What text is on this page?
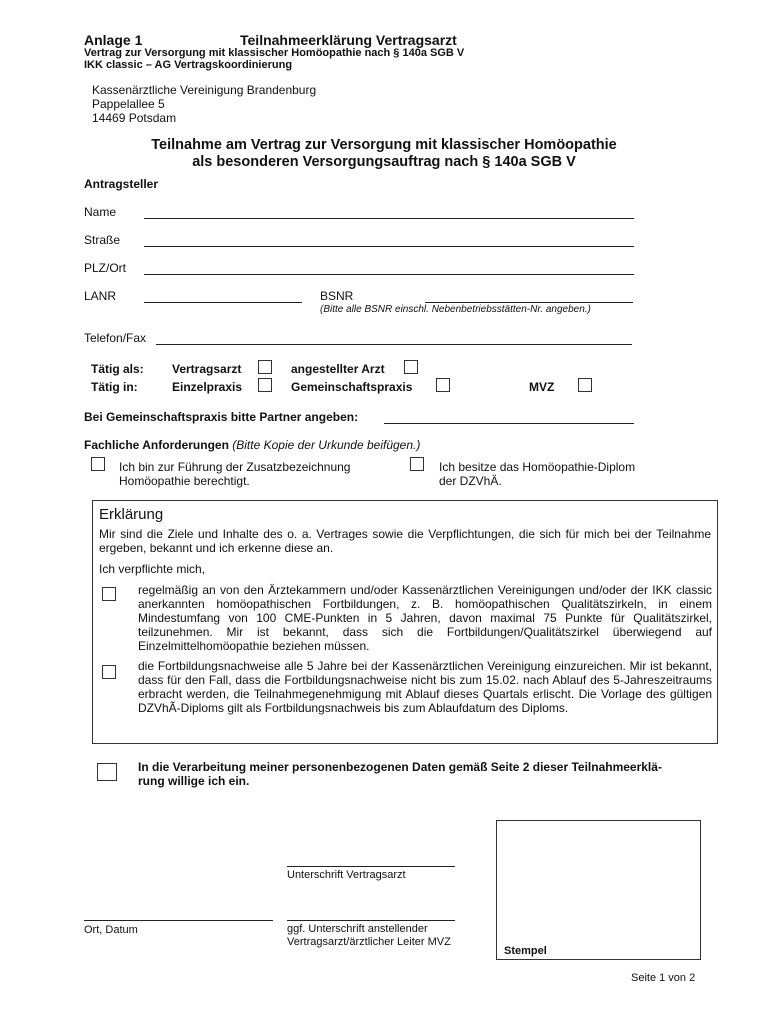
Anlage 1	Teilnahmeerklärung Vertragsarzt
Vertrag zur Versorgung mit klassischer Homöopathie nach § 140a SGB V
IKK classic – AG Vertragskoordinierung
Kassenärztliche Vereinigung Brandenburg
Pappelallee 5
14469 Potsdam
Teilnahme am Vertrag zur Versorgung mit klassischer Homöopathie
als besonderen Versorgungsauftrag nach § 140a SGB V
Antragsteller
Name
Straße
PLZ/Ort
LANR	BSNR
(Bitte alle BSNR einschl. Nebenbetriebsstätten-Nr. angeben.)
Telefon/Fax
Tätig als: Vertragsarzt	angestellter Arzt
Tätig in:	Einzelpraxis	Gemeinschaftspraxis	MVZ
Bei Gemeinschaftspraxis bitte Partner angeben:
Fachliche Anforderungen (Bitte Kopie der Urkunde beifügen.)
Ich bin zur Führung der Zusatzbezeichnung
Homöopathie berechtigt.
Ich besitze das Homöopathie-Diplom
der DZVhÄ.
Erklärung
Mir sind die Ziele und Inhalte des o. a. Vertrages sowie die Verpflichtungen, die sich für mich bei der Teilnahme ergeben, bekannt und ich erkenne diese an.
Ich verpflichte mich,
regelmäßig an von den Ärztekammern und/oder Kassenärztlichen Vereinigungen und/oder der IKK classic anerkannten homöopathischen Fortbildungen, z. B. homöopathischen Qualitätszirkeln, in einem Mindestumfang von 100 CME-Punkten in 5 Jahren, davon maximal 75 Punkte für Qualitätszirkel, teilzunehmen. Mir ist bekannt, dass sich die Fortbildungen/Qualitätszirkel überwiegend auf Einzelmittelhomöopathie beziehen müssen.
die Fortbildungsnachweise alle 5 Jahre bei der Kassenärztlichen Vereinigung einzureichen. Mir ist bekannt, dass für den Fall, dass die Fortbildungsnachweise nicht bis zum 15.02. nach Ablauf des 5-Jahreszeitraums erbracht werden, die Teilnahmegenehmigung mit Ablauf dieses Quartals erlischt. Die Vorlage des gültigen DZVhÃ-Diploms gilt als Fortbildungsnachweis bis zum Ablaufdatum des Diploms.
In die Verarbeitung meiner personenbezogenen Daten gemäß Seite 2 dieser Teilnahmeerklä-
rung willige ich ein.
Unterschrift Vertragsarzt
Ort, Datum	ggf. Unterschrift anstellender
Vertragsarzt/ärztlicher Leiter MVZ
Stempel
Seite 1 von 2
